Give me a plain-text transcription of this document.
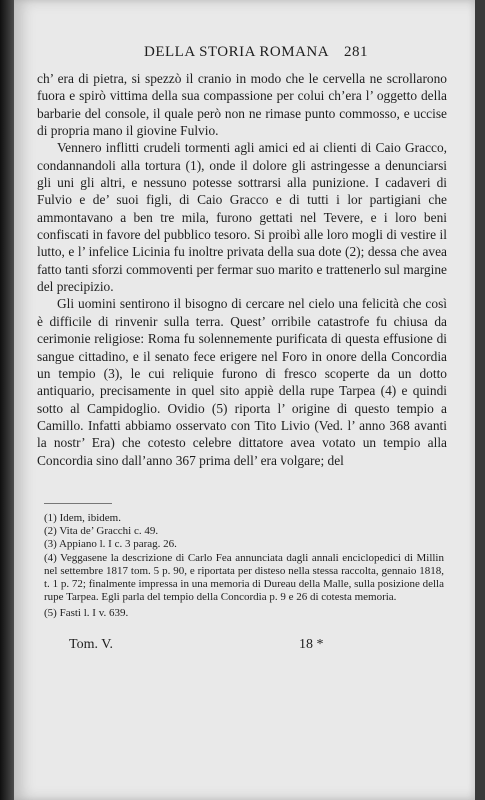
DELLA STORIA ROMANA 281

ch’ era di pietra, si spezzò il cranio in modo che le cervella ne scrollarono fuora e spirò vittima della sua compassione per colui ch’era l’ oggetto della barbarie del console, il quale però non ne rimase punto commosso, e uccise di propria mano il giovine Fulvio.

Vennero inflitti crudeli tormenti agli amici ed ai clienti di Caio Gracco, condannandoli alla tortura (1), onde il dolore gli astringesse a denunciarsi gli uni gli altri, e nessuno potesse sottrarsi alla punizione. I cadaveri di Fulvio e de’ suoi figli, di Caio Gracco e di tutti i lor partigiani che ammontavano a ben tre mila, furono gettati nel Tevere, e i loro beni confiscati in favore del pubblico tesoro. Si proibì alle loro mogli di vestire il lutto, e l’ infelice Licinia fu inoltre privata della sua dote (2); dessa che avea fatto tanti sforzi commoventi per fermar suo marito e trattenerlo sul margine del precipizio.

Gli uomini sentirono il bisogno di cercare nel cielo una felicità che così è difficile di rinvenir sulla terra. Quest’ orribile catastrofe fu chiusa da cerimonie religiose: Roma fu solennemente purificata di questa effusione di sangue cittadino, e il senato fece erigere nel Foro in onore della Concordia un tempio (3), le cui reliquie furono di fresco scoperte da un dotto antiquario, precisamente in quel sito appiè della rupe Tarpea (4) e quindi sotto al Campidoglio. Ovidio (5) riporta l’ origine di questo tempio a Camillo. Infatti abbiamo osservato con Tito Livio (Ved. l’ anno 368 avanti la nostr’ Era) che cotesto celebre dittatore avea votato un tempio alla Concordia sino dall’anno 367 prima dell’ era volgare; del

(1) Idem, ibidem.

(2) Vita de’ Gracchi c. 49.

(3) Appiano l. I c. 3 parag. 26.

(4) Veggasene la descrizione di Carlo Fea annunciata dagli annali enciclopedici di Millin nel settembre 1817 tom. 5 p. 90, e riportata per disteso nella stessa raccolta, gennaio 1818, t. 1 p. 72; finalmente impressa in una memoria di Dureau della Malle, sulla posizione della rupe Tarpea. Egli parla del tempio della Concordia p. 9 e 26 di cotesta memoria.

(5) Fasti l. I v. 639.

Tom. V.	18 *
